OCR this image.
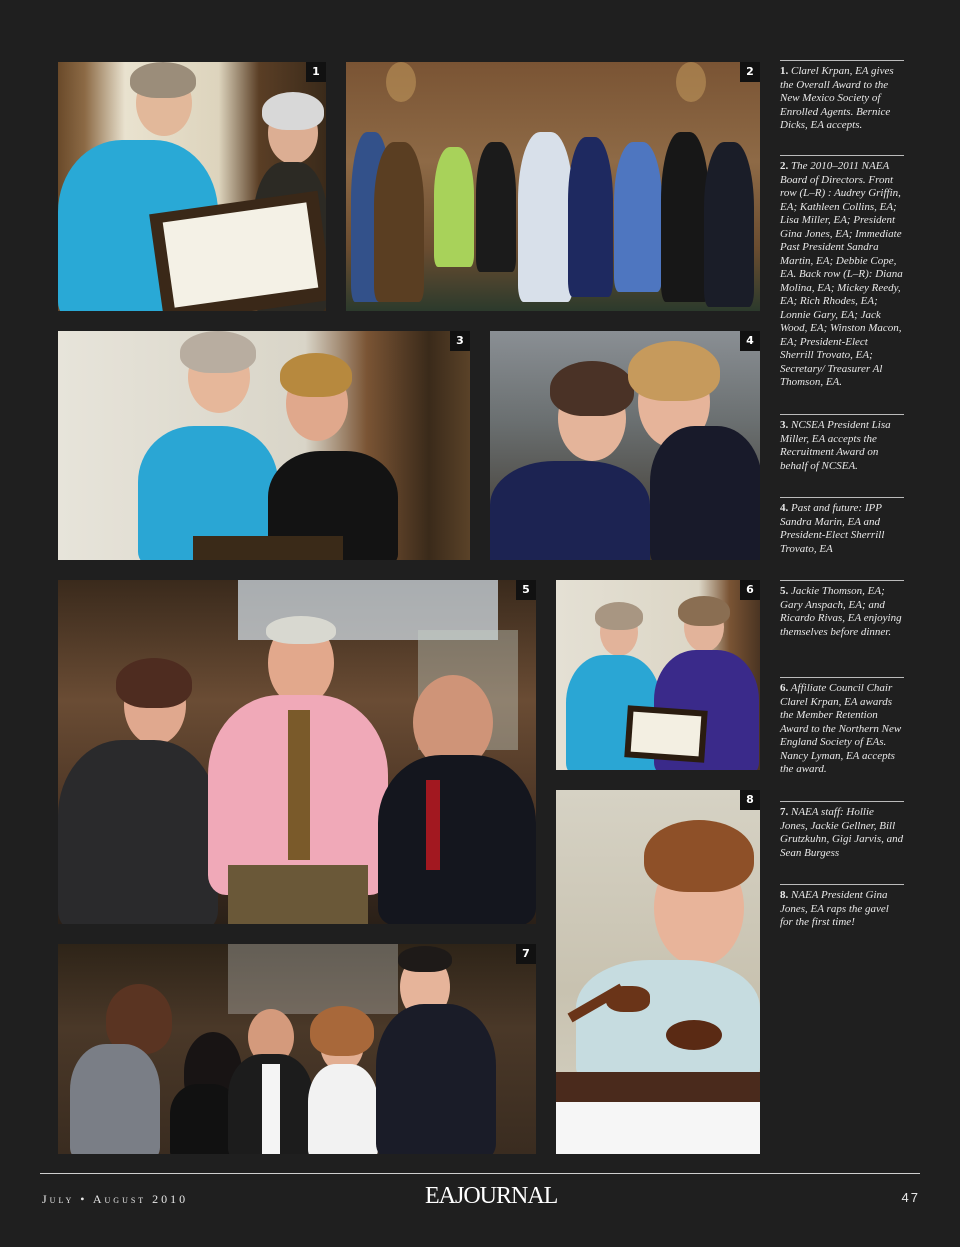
1	2
3	4
5	6
7
8
1. Clarel Krpan, EA gives the Overall Award to the New Mexico Society of Enrolled Agents. Bernice Dicks, EA accepts.
2. The 2010–2011 NAEA Board of Directors. Front row (L–R) : Audrey Griffin, EA; Kathleen Collins, EA; Lisa Miller, EA; President Gina Jones, EA; Immediate Past President Sandra Martin, EA; Debbie Cope, EA. Back row (L–R): Diana Molina, EA; Mickey Reedy, EA; Rich Rhodes, EA; Lonnie Gary, EA; Jack Wood, EA; Winston Macon, EA; President-Elect Sherrill Trovato, EA; Secretary/ Treasurer Al Thomson, EA.
3. NCSEA President Lisa Miller, EA accepts the Recruitment Award on behalf of NCSEA.
4. Past and future: IPP Sandra Marin, EA and President-Elect Sherrill Trovato, EA
5. Jackie Thomson, EA; Gary Anspach, EA; and Ricardo Rivas, EA enjoying themselves before dinner.
6. Affiliate Council Chair Clarel Krpan, EA awards the Member Retention Award to the Northern New England Society of EAs. Nancy Lyman, EA accepts the award.
7. NAEA staff: Hollie Jones, Jackie Gellner, Bill Grutzkuhn, Gigi Jarvis, and Sean Burgess
8. NAEA President Gina Jones, EA raps the gavel for the first time!
July • August 2010	EAJOURNAL	47
